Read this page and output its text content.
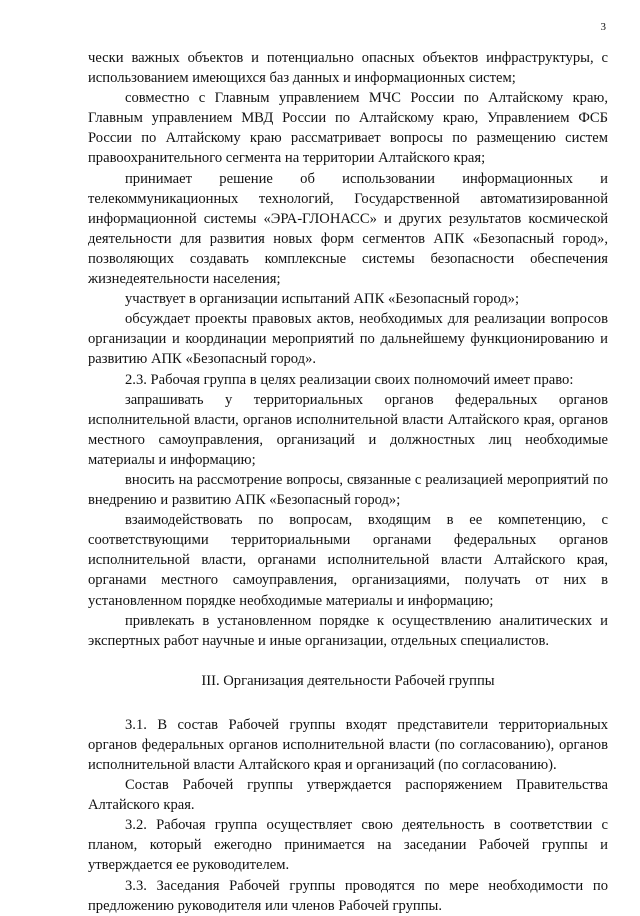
3

чески важных объектов и потенциально опасных объектов инфраструктуры, с использованием имеющихся баз данных и информационных систем;

совместно с Главным управлением МЧС России по Алтайскому краю, Главным управлением МВД России по Алтайскому краю, Управлением ФСБ России по Алтайскому краю рассматривает вопросы по размещению систем правоохранительного сегмента на территории Алтайского края;

принимает решение об использовании информационных и телекоммуникационных технологий, Государственной автоматизированной информационной системы «ЭРА-ГЛОНАСС» и других результатов космической деятельности для развития новых форм сегментов АПК «Безопасный город», позволяющих создавать комплексные системы безопасности обеспечения жизнедеятельности населения;

участвует в организации испытаний АПК «Безопасный город»;

обсуждает проекты правовых актов, необходимых для реализации вопросов организации и координации мероприятий по дальнейшему функционированию и развитию АПК «Безопасный город».

2.3. Рабочая группа в целях реализации своих полномочий имеет право:

запрашивать у территориальных органов федеральных органов исполнительной власти, органов исполнительной власти Алтайского края, органов местного самоуправления, организаций и должностных лиц необходимые материалы и информацию;

вносить на рассмотрение вопросы, связанные с реализацией мероприятий по внедрению и развитию АПК «Безопасный город»;

взаимодействовать по вопросам, входящим в ее компетенцию, с соответствующими территориальными органами федеральных органов исполнительной власти, органами исполнительной власти Алтайского края, органами местного самоуправления, организациями, получать от них в установленном порядке необходимые материалы и информацию;

привлекать в установленном порядке к осуществлению аналитических и экспертных работ научные и иные организации, отдельных специалистов.

III. Организация деятельности Рабочей группы

3.1. В состав Рабочей группы входят представители территориальных органов федеральных органов исполнительной власти (по согласованию), органов исполнительной власти Алтайского края и организаций (по согласованию).

Состав Рабочей группы утверждается распоряжением Правительства Алтайского края.

3.2. Рабочая группа осуществляет свою деятельность в соответствии с планом, который ежегодно принимается на заседании Рабочей группы и утверждается ее руководителем.

3.3. Заседания Рабочей группы проводятся по мере необходимости по предложению руководителя или членов Рабочей группы.
